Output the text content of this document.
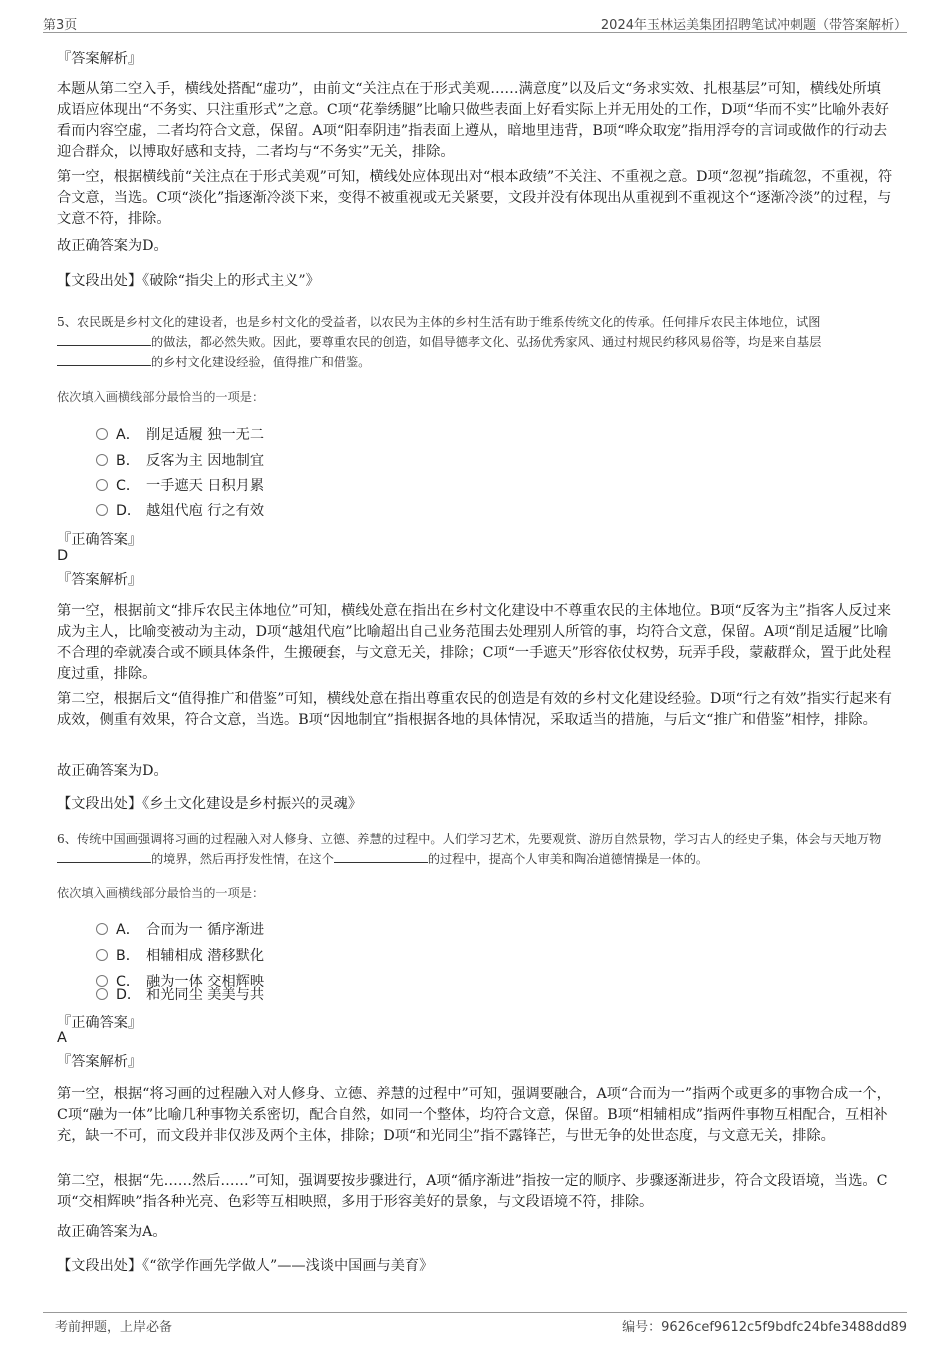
第3页	2024年玉林运美集团招聘笔试冲刺题（带答案解析）
『答案解析』
本题从第二空入手，横线处搭配“虚功”，由前文“关注点在于形式美观……满意度”以及后文“务求实效、扎根基层”可知，横线处所填成语应体现出“不务实、只注重形式”之意。C项“花拳绣腿”比喻只做些表面上好看实际上并无用处的工作，D项“华而不实”比喻外表好看而内容空虚，二者均符合文意，保留。A项“阳奉阴违”指表面上遵从，暗地里违背，B项“哗众取宠”指用浮夸的言词或做作的行动去迎合群众，以博取好感和支持，二者均与“不务实”无关，排除。
第一空，根据横线前“关注点在于形式美观”可知，横线处应体现出对“根本政绩”不关注、不重视之意。D项“忽视”指疏忽，不重视，符合文意，当选。C项“淡化”指逐渐冷淡下来，变得不被重视或无关紧要，文段并没有体现出从重视到不重视这个“逐渐冷淡”的过程，与文意不符，排除。
故正确答案为D。
【文段出处】《破除“指尖上的形式主义”》
5、农民既是乡村文化的建设者，也是乡村文化的受益者，以农民为主体的乡村生活有助于维系传统文化的传承。任何排斥农民主体地位，试图
的做法，都必然失败。因此，要尊重农民的创造，如倡导德孝文化、弘扬优秀家风、通过村规民约移风易俗等，均是来自基层
的乡村文化建设经验，值得推广和借鉴。
依次填入画横线部分最恰当的一项是：
A． 削足适履 独一无二
B． 反客为主 因地制宜
C． 一手遮天 日积月累
D． 越俎代庖 行之有效
『正确答案』
D
『答案解析』
第一空，根据前文“排斥农民主体地位”可知，横线处意在指出在乡村文化建设中不尊重农民的主体地位。B项“反客为主”指客人反过来成为主人，比喻变被动为主动，D项“越俎代庖”比喻超出自己业务范围去处理别人所管的事，均符合文意，保留。A项“削足适履”比喻不合理的牵就凑合或不顾具体条件，生搬硬套，与文意无关，排除；C项“一手遮天”形容依仗权势，玩弄手段，蒙蔽群众，置于此处程度过重，排除。
第二空，根据后文“值得推广和借鉴”可知，横线处意在指出尊重农民的创造是有效的乡村文化建设经验。D项“行之有效”指实行起来有成效，侧重有效果，符合文意，当选。B项“因地制宜”指根据各地的具体情况，采取适当的措施，与后文“推广和借鉴”相悖，排除。
故正确答案为D。
【文段出处】《乡土文化建设是乡村振兴的灵魂》
6、传统中国画强调将习画的过程融入对人修身、立德、养慧的过程中。人们学习艺术，先要观赏、游历自然景物，学习古人的经史子集，体会与天地万物的境界，然后再抒发性情，在这个	的过程中，提高个人审美和陶冶道德情操是一体的。
依次填入画横线部分最恰当的一项是：
A． 合而为一 循序渐进
B． 相辅相成 潜移默化
C． 融为一体 交相辉映
D． 和光同尘 美美与共
『正确答案』
A
『答案解析』
第一空，根据“将习画的过程融入对人修身、立德、养慧的过程中”可知，强调要融合，A项“合而为一”指两个或更多的事物合成一个，C项“融为一体”比喻几种事物关系密切，配合自然，如同一个整体，均符合文意，保留。B项“相辅相成”指两件事物互相配合，互相补充，缺一不可，而文段并非仅涉及两个主体，排除；D项“和光同尘”指不露锋芒，与世无争的处世态度，与文意无关，排除。
第二空，根据“先……然后……”可知，强调要按步骤进行，A项“循序渐进”指按一定的顺序、步骤逐渐进步，符合文段语境，当选。C项“交相辉映”指各种光亮、色彩等互相映照，多用于形容美好的景象，与文段语境不符，排除。
故正确答案为A。
【文段出处】《“欲学作画先学做人”——浅谈中国画与美育》
考前押题，上岸必备	编号：9626cef9612c5f9bdfc24bfe3488dd89
